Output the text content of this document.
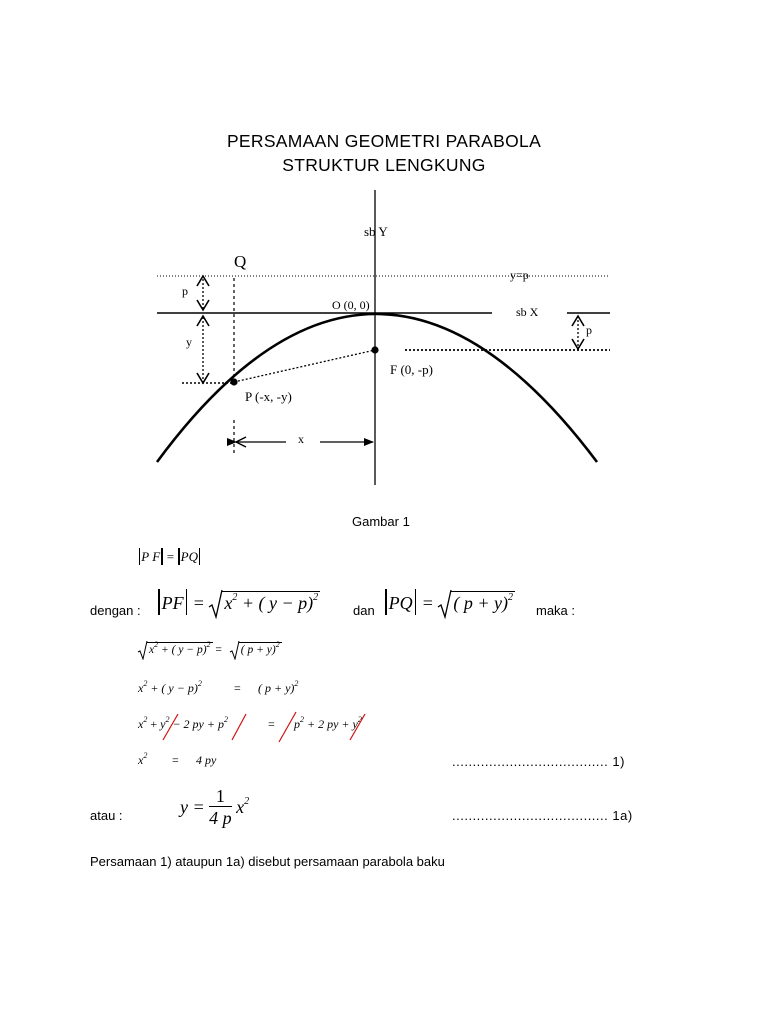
PERSAMAAN GEOMETRI PARABOLA
STRUKTUR LENGKUNG
sb Y
Q
y=p
p
O (0, 0)	sb X
p
y
F (0, -p)
P (-x, -y)
x
Gambar 1
P F = PQ
dengan :	PF = $x^2$ + ( y − p)$^2$
dan PQ = ( p + y)$^2$
maka :
$x^2$ + ( y − p)$^2$ = ( p + y)$^2$
$x^2$ + ( y − p)$^2$	= ( p + y)$^2$
$x^2 + y^2 - 2$ py + $p^2$	= $p^2 + 2$ py + $y^2$
$x^2 = 4$ py	...................................... 1)
atau :	$y = \frac{1}{4 p} x^2$
...................................... 1a)
Persamaan 1) ataupun 1a) disebut persamaan parabola baku
